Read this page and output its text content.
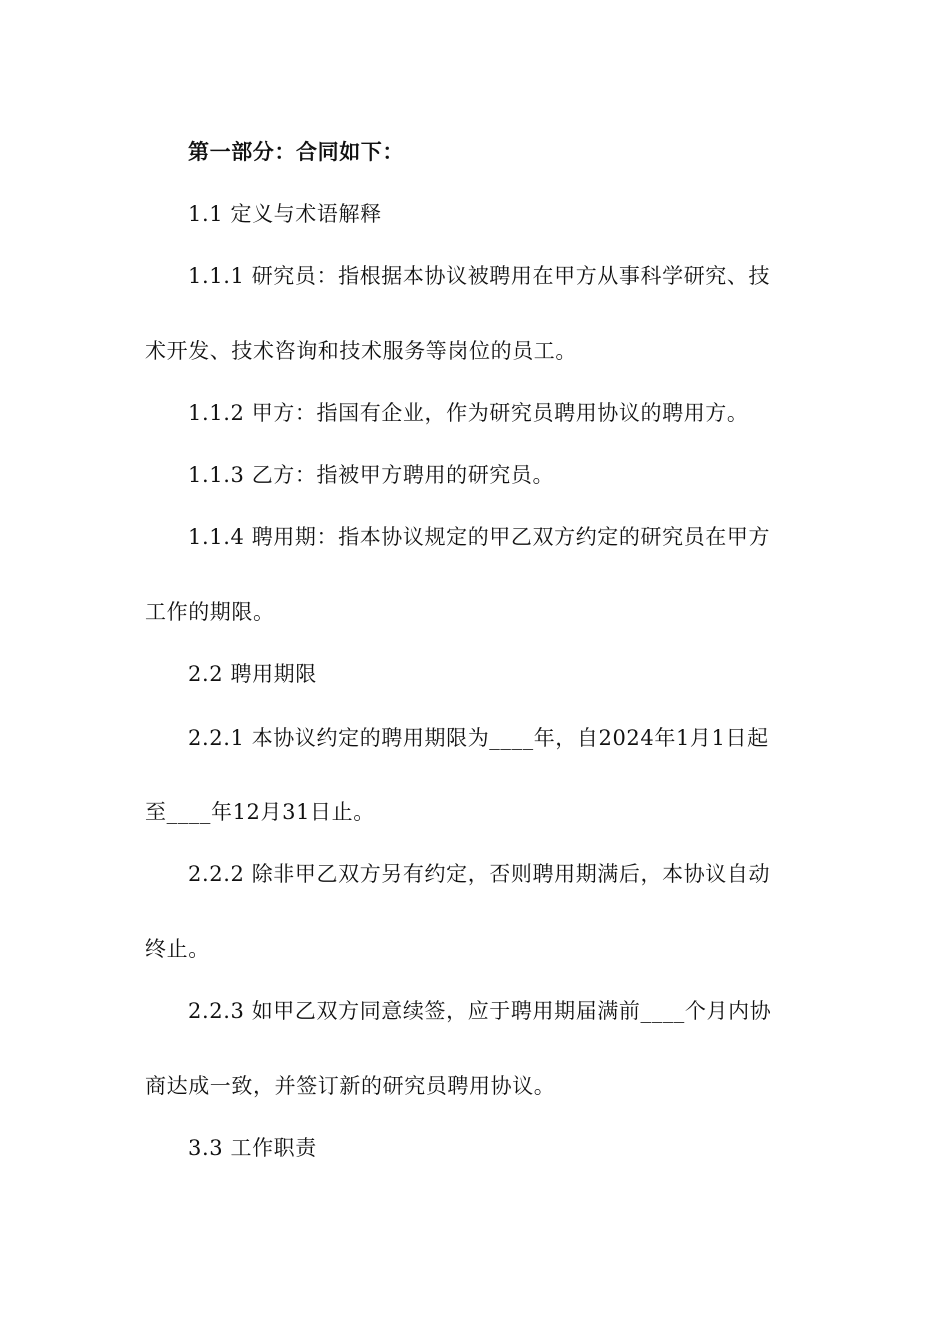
第一部分：合同如下：
1.1 定义与术语解释
1.1.1 研究员：指根据本协议被聘用在甲方从事科学研究、技
术开发、技术咨询和技术服务等岗位的员工。
1.1.2 甲方：指国有企业，作为研究员聘用协议的聘用方。
1.1.3 乙方：指被甲方聘用的研究员。
1.1.4 聘用期：指本协议规定的甲乙双方约定的研究员在甲方
工作的期限。
2.2 聘用期限
2.2.1 本协议约定的聘用期限为____年，自2024年1月1日起
至____年12月31日止。
2.2.2 除非甲乙双方另有约定，否则聘用期满后，本协议自动
终止。
2.2.3 如甲乙双方同意续签，应于聘用期届满前____个月内协
商达成一致，并签订新的研究员聘用协议。
3.3 工作职责
